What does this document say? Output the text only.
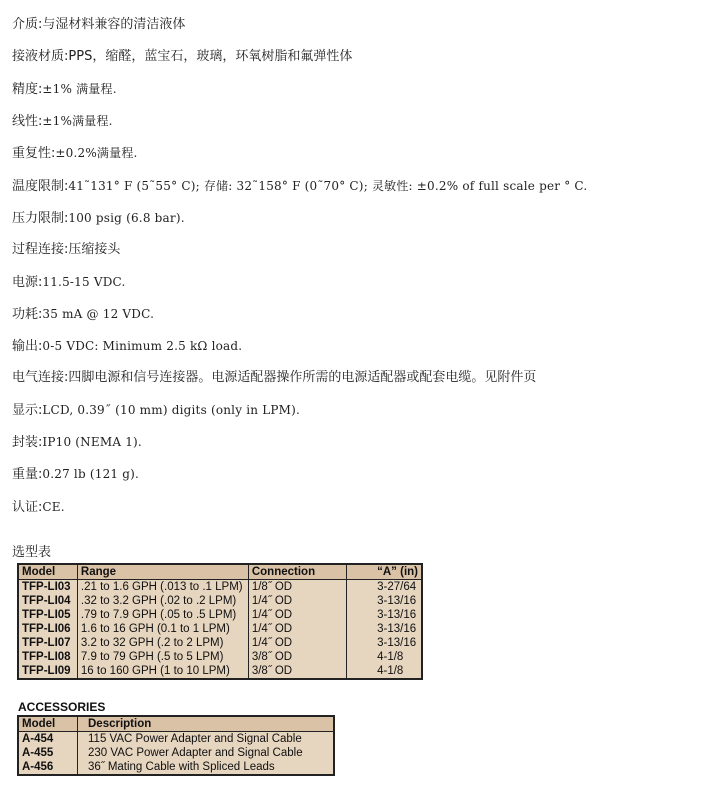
介质:与湿材料兼容的清洁液体
接液材质:PPS，缩醛，蓝宝石，玻璃，环氧树脂和氟弹性体
精度:±1% 满量程.
线性:±1%满量程.
重复性:±0.2%满量程.
温度限制:41˜131° F (5˜55° C); 存储: 32˜158° F (0˜70° C); 灵敏性: ±0.2% of full scale per ° C.
压力限制:100 psig (6.8 bar).
过程连接:压缩接头
电源:11.5-15 VDC.
功耗:35 mA @ 12 VDC.
输出:0-5 VDC: Minimum 2.5 kΩ load.
电气连接:四脚电源和信号连接器。电源适配器操作所需的电源适配器或配套电缆。见附件页
显示:LCD, 0.39˝ (10 mm) digits (only in LPM).
封装:IP10 (NEMA 1).
重量:0.27 lb (121 g).
认证:CE.
选型表
Model	Range	Connection	“A” (in)
TFP-LI03	.21 to 1.6 GPH (.013 to .1 LPM)	1/8˝ OD	3-27/64
TFP-LI04	.32 to 3.2 GPH (.02 to .2 LPM)	1/4˝ OD	3-13/16
TFP-LI05	.79 to 7.9 GPH (.05 to .5 LPM)	1/4˝ OD	3-13/16
TFP-LI06	1.6 to 16 GPH (0.1 to 1 LPM)	1/4˝ OD	3-13/16
TFP-LI07	3.2 to 32 GPH (.2 to 2 LPM)	1/4˝ OD	3-13/16
TFP-LI08	7.9 to 79 GPH (.5 to 5 LPM)	3/8˝ OD	4-1/8
TFP-LI09	16 to 160 GPH (1 to 10 LPM)	3/8˝ OD	4-1/8
ACCESSORIES
Model	Description
A-454	115 VAC Power Adapter and Signal Cable
A-455	230 VAC Power Adapter and Signal Cable
A-456	36˝ Mating Cable with Spliced Leads
